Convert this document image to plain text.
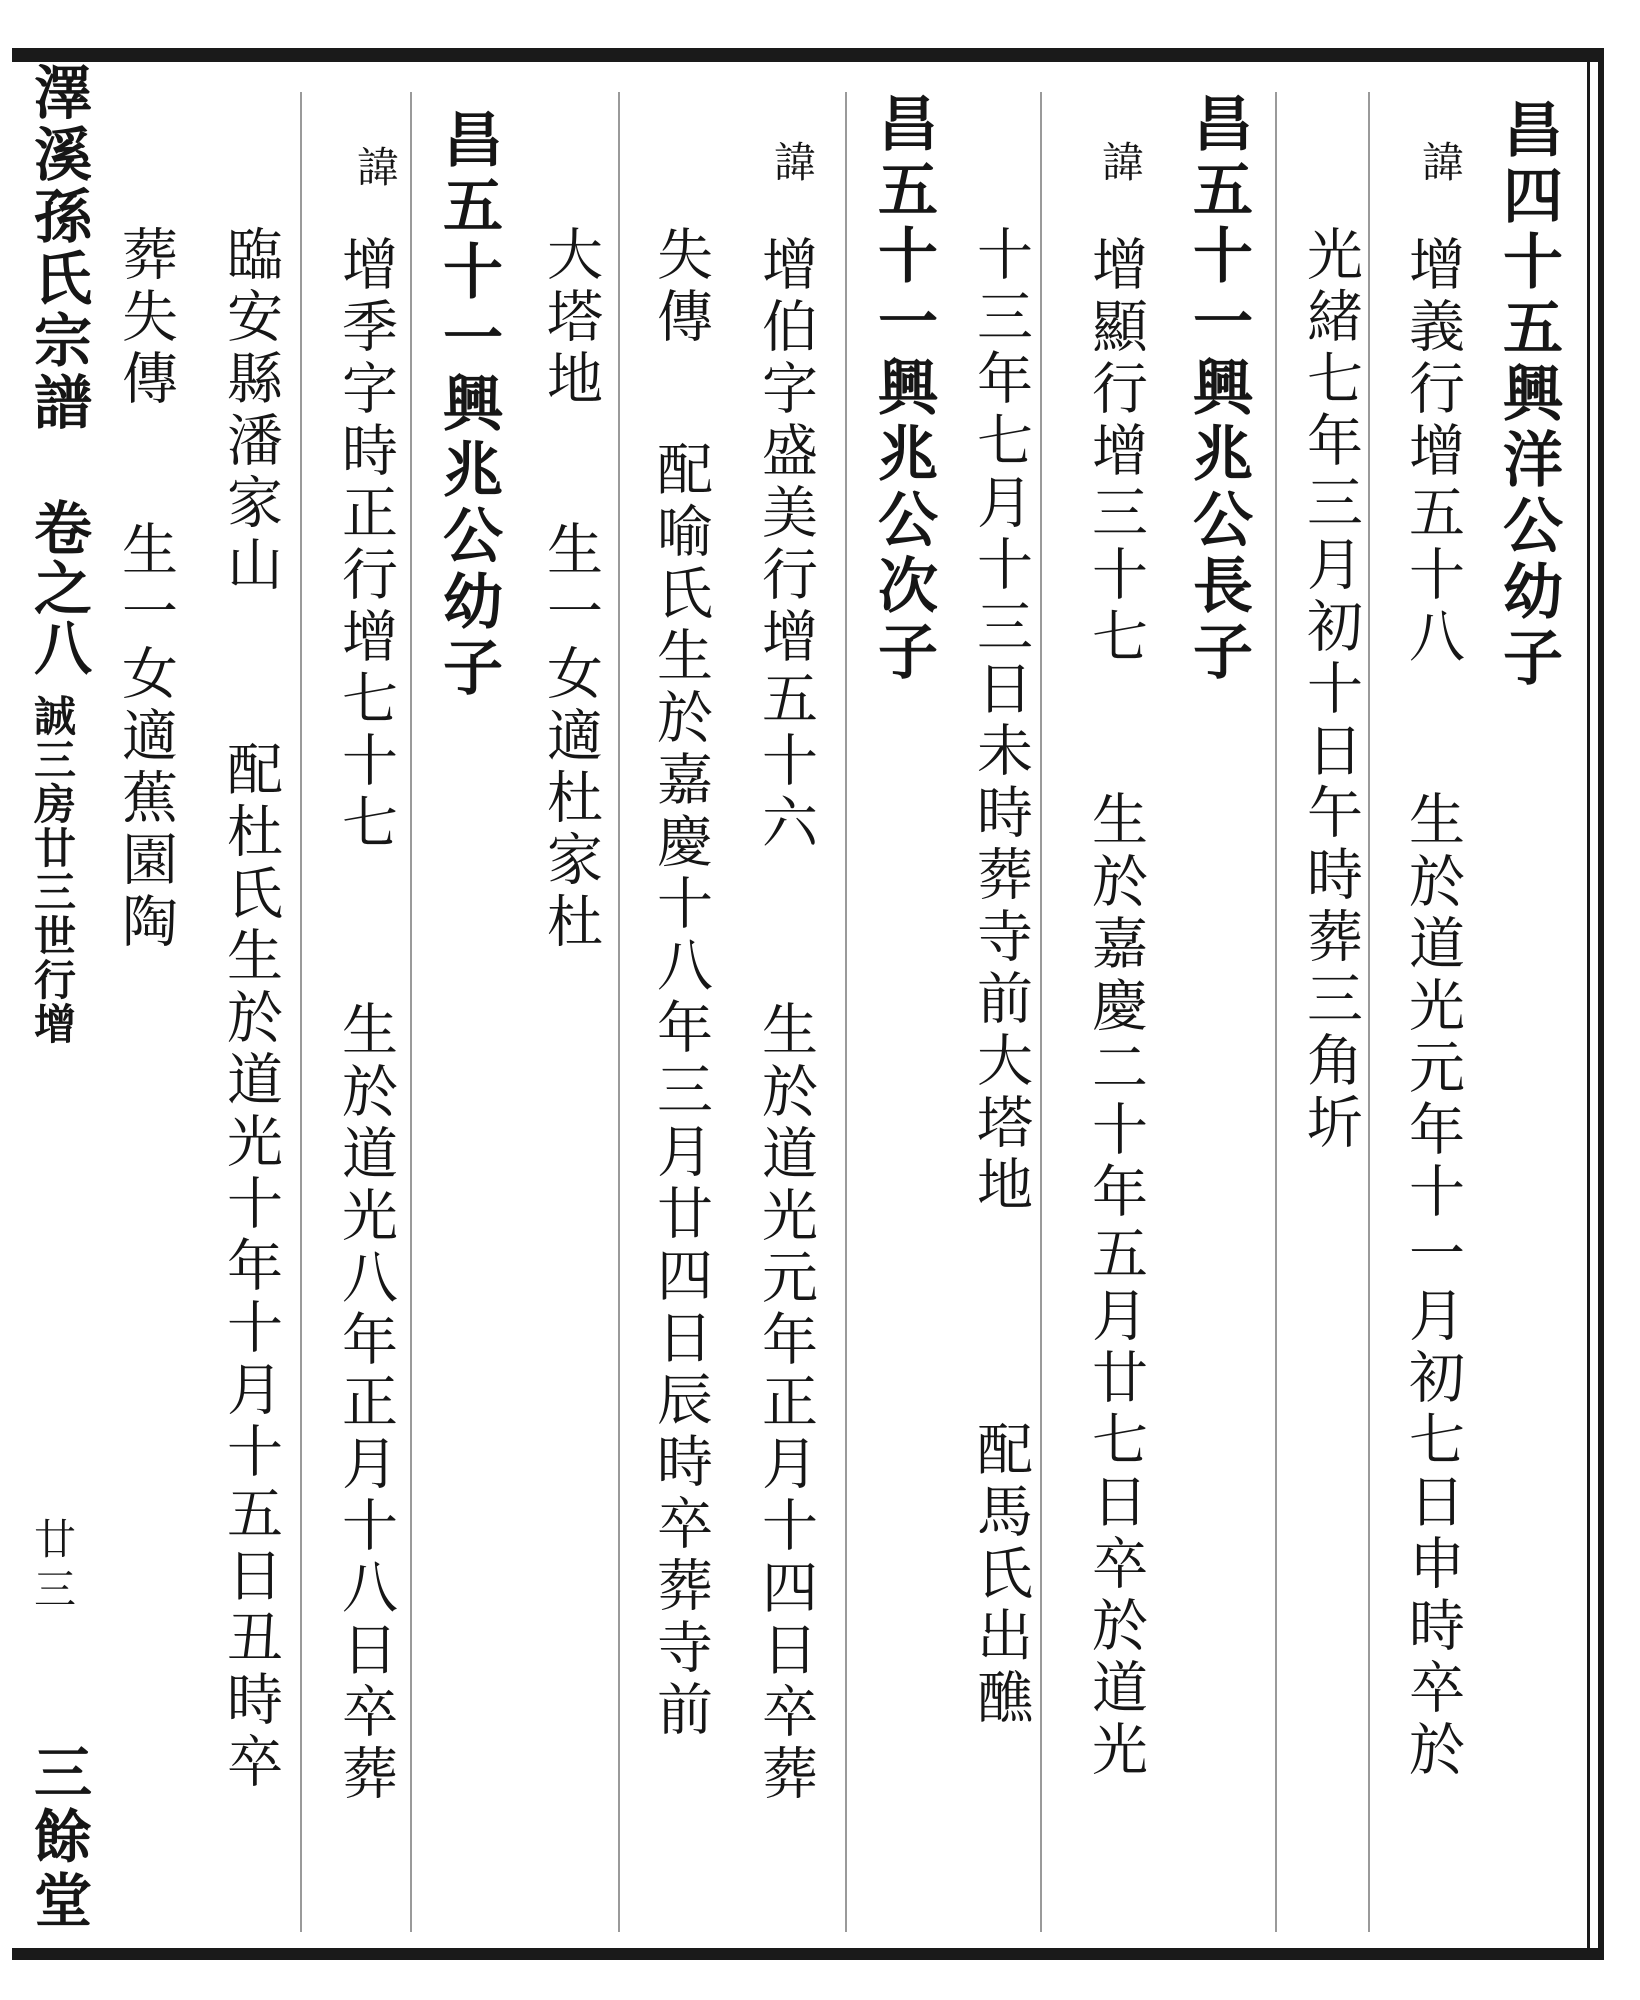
澤溪孫氏宗譜
卷之八
誠三房廿三世行增
廿三
三餘堂
昌四十五興洋公幼子
諱
增義行增五十八
生於道光元年十一月初七日申時卒於
光緒七年三月初十日午時葬三角圻
昌五十一興兆公長子
諱
增顯行增三十七
生於嘉慶二十年五月廿七日卒於道光
十三年七月十三日未時葬寺前大塔地
配馬氏出醮
昌五十一興兆公次子
諱
增伯字盛美行增五十六
生於道光元年正月十四日卒葬
失傳
配喻氏生於嘉慶十八年三月廿四日辰時卒葬寺前
大塔地
生一女適杜家杜
昌五十一興兆公幼子
諱
增季字時正行增七十七
生於道光八年正月十八日卒葬
臨安縣潘家山
配杜氏生於道光十年十月十五日丑時卒
葬失傳
生一女適蕉園陶
